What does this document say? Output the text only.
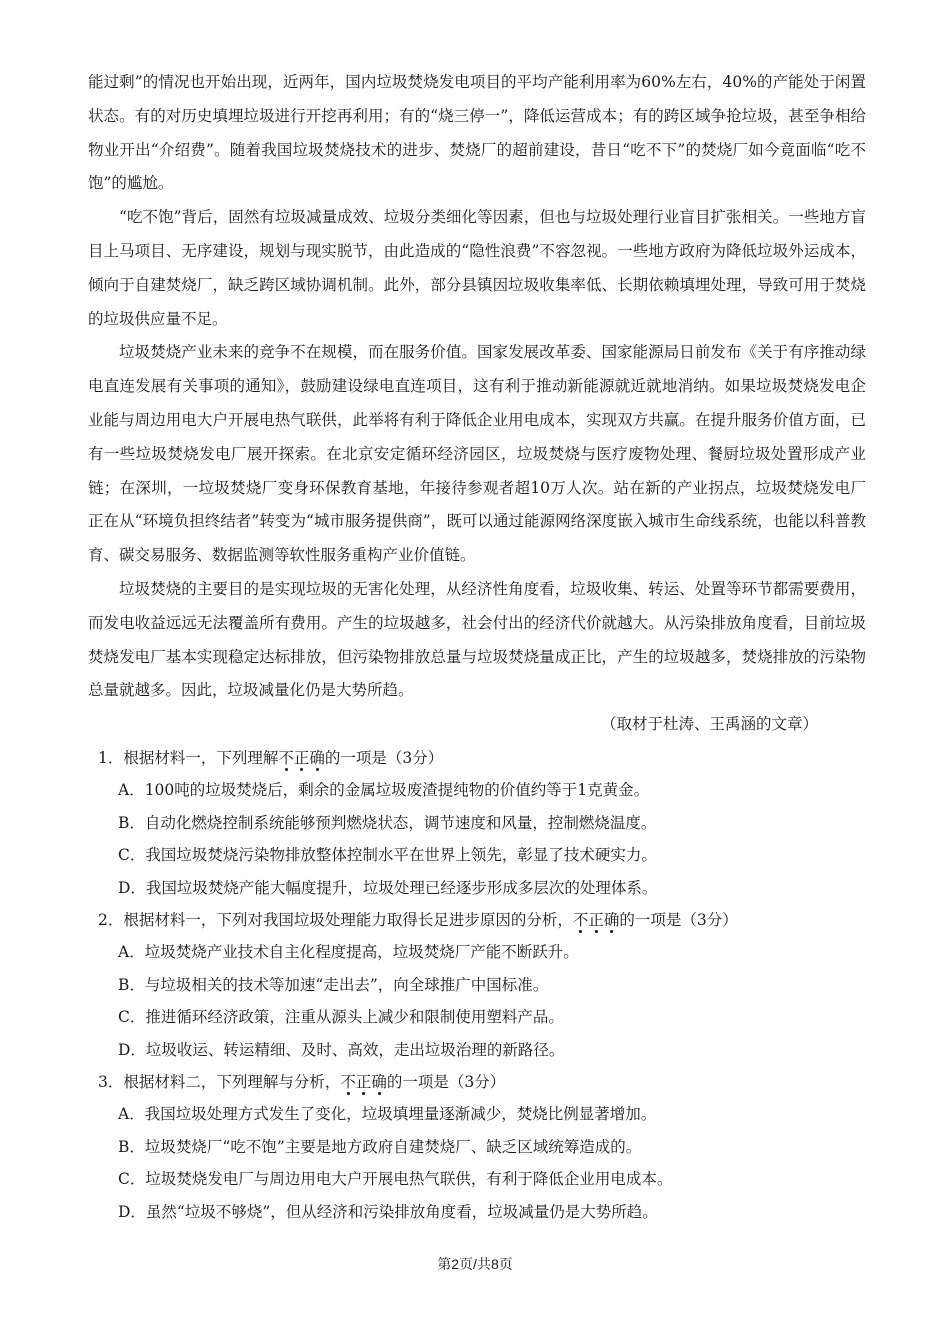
能过剩”的情况也开始出现，近两年，国内垃圾焚烧发电项目的平均产能利用率为60%左右，40%的产能处于闲置状态。有的对历史填埋垃圾进行开挖再利用；有的“烧三停一”，降低运营成本；有的跨区域争抢垃圾，甚至争相给物业开出“介绍费”。随着我国垃圾焚烧技术的进步、焚烧厂的超前建设，昔日“吃不下”的焚烧厂如今竟面临“吃不饱”的尴尬。

“吃不饱”背后，固然有垃圾减量成效、垃圾分类细化等因素，但也与垃圾处理行业盲目扩张相关。一些地方盲目上马项目、无序建设，规划与现实脱节，由此造成的“隐性浪费”不容忽视。一些地方政府为降低垃圾外运成本，倾向于自建焚烧厂，缺乏跨区域协调机制。此外，部分县镇因垃圾收集率低、长期依赖填埋处理，导致可用于焚烧的垃圾供应量不足。

垃圾焚烧产业未来的竞争不在规模，而在服务价值。国家发展改革委、国家能源局日前发布《关于有序推动绿电直连发展有关事项的通知》，鼓励建设绿电直连项目，这有利于推动新能源就近就地消纳。如果垃圾焚烧发电企业能与周边用电大户开展电热气联供，此举将有利于降低企业用电成本，实现双方共赢。在提升服务价值方面，已有一些垃圾焚烧发电厂展开探索。在北京安定循环经济园区，垃圾焚烧与医疗废物处理、餐厨垃圾处置形成产业链；在深圳，一垃圾焚烧厂变身环保教育基地，年接待参观者超10万人次。站在新的产业拐点，垃圾焚烧发电厂正在从“环境负担终结者”转变为“城市服务提供商”，既可以通过能源网络深度嵌入城市生命线系统，也能以科普教育、碳交易服务、数据监测等软性服务重构产业价值链。

垃圾焚烧的主要目的是实现垃圾的无害化处理，从经济性角度看，垃圾收集、转运、处置等环节都需要费用，而发电收益远远无法覆盖所有费用。产生的垃圾越多，社会付出的经济代价就越大。从污染排放角度看，目前垃圾焚烧发电厂基本实现稳定达标排放，但污染物排放总量与垃圾焚烧量成正比，产生的垃圾越多，焚烧排放的污染物总量就越多。因此，垃圾减量化仍是大势所趋。

（取材于杜涛、王禹涵的文章）

1．根据材料一，下列理解不正确的一项是（3分）

A．100吨的垃圾焚烧后，剩余的金属垃圾废渣提纯物的价值约等于1克黄金。
B．自动化燃烧控制系统能够预判燃烧状态，调节速度和风量，控制燃烧温度。
C．我国垃圾焚烧污染物排放整体控制水平在世界上领先，彰显了技术硬实力。
D．我国垃圾焚烧产能大幅度提升，垃圾处理已经逐步形成多层次的处理体系。

2．根据材料一，下列对我国垃圾处理能力取得长足进步原因的分析，不正确的一项是（3分）

A．垃圾焚烧产业技术自主化程度提高，垃圾焚烧厂产能不断跃升。
B．与垃圾相关的技术等加速“走出去”，向全球推广中国标准。
C．推进循环经济政策，注重从源头上减少和限制使用塑料产品。
D．垃圾收运、转运精细、及时、高效，走出垃圾治理的新路径。

3．根据材料二，下列理解与分析，不正确的一项是（3分）

A．我国垃圾处理方式发生了变化，垃圾填埋量逐渐减少，焚烧比例显著增加。
B．垃圾焚烧厂“吃不饱”主要是地方政府自建焚烧厂、缺乏区域统筹造成的。
C．垃圾焚烧发电厂与周边用电大户开展电热气联供，有利于降低企业用电成本。
D．虽然“垃圾不够烧”，但从经济和污染排放角度看，垃圾减量仍是大势所趋。
第2页/共8页
